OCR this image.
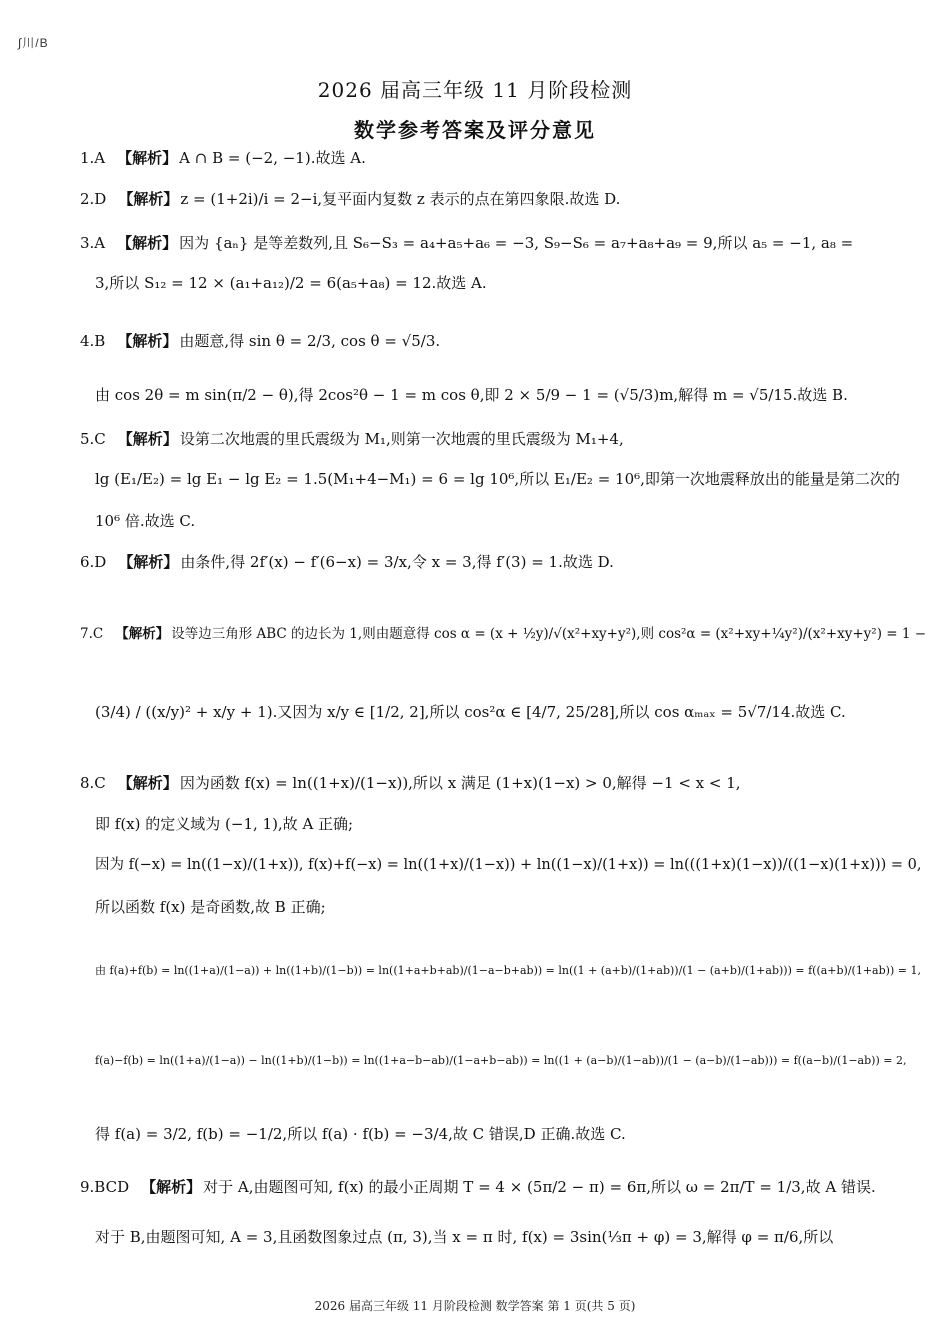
∫川/B
2026 届高三年级 11 月阶段检测
数学参考答案及评分意见
1.A 【解析】 A ∩ B = (−2, −1).故选 A.
2.D 【解析】 z = (1+2i)/i = 2−i,复平面内复数 z 表示的点在第四象限.故选 D.
3.A 【解析】 因为 {aₙ} 是等差数列,且 S₆−S₃ = a₄+a₅+a₆ = −3, S₉−S₆ = a₇+a₈+a₉ = 9,所以 a₅ = −1, a₈ =
3,所以 S₁₂ = 12 × (a₁+a₁₂)/2 = 6(a₅+a₈) = 12.故选 A.
4.B 【解析】 由题意,得 sin θ = 2/3, cos θ = √5/3.
由 cos 2θ = m sin(π/2 − θ),得 2cos²θ − 1 = m cos θ,即 2 × 5/9 − 1 = (√5/3)m,解得 m = √5/15.故选 B.
5.C 【解析】 设第二次地震的里氏震级为 M₁,则第一次地震的里氏震级为 M₁+4,
lg (E₁/E₂) = lg E₁ − lg E₂ = 1.5(M₁+4−M₁) = 6 = lg 10⁶,所以 E₁/E₂ = 10⁶,即第一次地震释放出的能量是第二次的
10⁶ 倍.故选 C.
6.D 【解析】 由条件,得 2f′(x) − f′(6−x) = 3/x,令 x = 3,得 f′(3) = 1.故选 D.
7.C 【解析】 设等边三角形 ABC 的边长为 1,则由题意得 cos α = (x + ½y)/√(x²+xy+y²),则 cos²α = (x²+xy+¼y²)/(x²+xy+y²) = 1 −
(3/4) / ((x/y)² + x/y + 1).又因为 x/y ∈ [1/2, 2],所以 cos²α ∈ [4/7, 25/28],所以 cos αₘₐₓ = 5√7/14.故选 C.
8.C 【解析】 因为函数 f(x) = ln((1+x)/(1−x)),所以 x 满足 (1+x)(1−x) > 0,解得 −1 < x < 1,
即 f(x) 的定义域为 (−1, 1),故 A 正确;
因为 f(−x) = ln((1−x)/(1+x)), f(x)+f(−x) = ln((1+x)/(1−x)) + ln((1−x)/(1+x)) = ln(((1+x)(1−x))/((1−x)(1+x))) = 0,
所以函数 f(x) 是奇函数,故 B 正确;
由 f(a)+f(b) = ln((1+a)/(1−a)) + ln((1+b)/(1−b)) = ln((1+a+b+ab)/(1−a−b+ab)) = ln((1 + (a+b)/(1+ab))/(1 − (a+b)/(1+ab))) = f((a+b)/(1+ab)) = 1,
f(a)−f(b) = ln((1+a)/(1−a)) − ln((1+b)/(1−b)) = ln((1+a−b−ab)/(1−a+b−ab)) = ln((1 + (a−b)/(1−ab))/(1 − (a−b)/(1−ab))) = f((a−b)/(1−ab)) = 2,
得 f(a) = 3/2, f(b) = −1/2,所以 f(a) · f(b) = −3/4,故 C 错误,D 正确.故选 C.
9.BCD 【解析】 对于 A,由题图可知, f(x) 的最小正周期 T = 4 × (5π/2 − π) = 6π,所以 ω = 2π/T = 1/3,故 A 错误.
对于 B,由题图可知, A = 3,且函数图象过点 (π, 3),当 x = π 时, f(x) = 3sin(⅓π + φ) = 3,解得 φ = π/6,所以
2026 届高三年级 11 月阶段检测 数学答案 第 1 页(共 5 页)
